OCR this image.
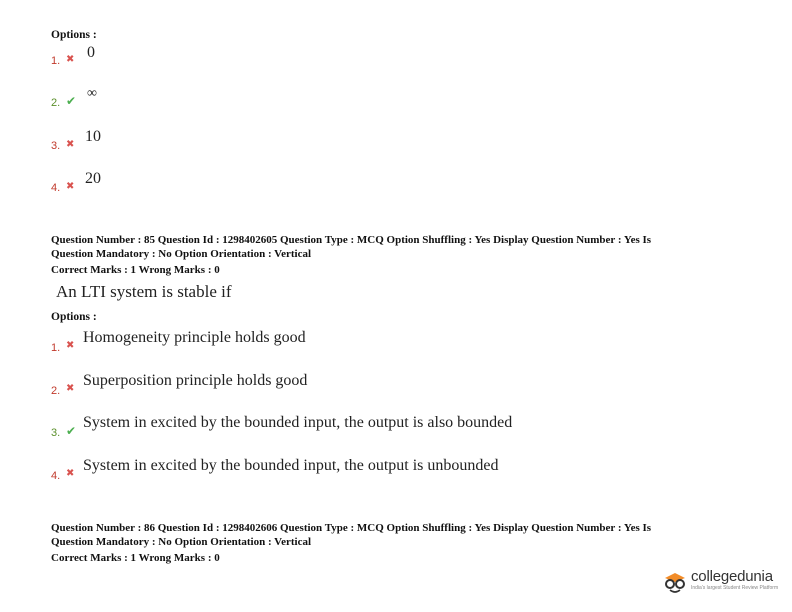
Options :
1. ✖ 0
2. ✔ ∞
3. ✖ 10
4. ✖ 20
Question Number : 85 Question Id : 1298402605 Question Type : MCQ Option Shuffling : Yes Display Question Number : Yes Is
Question Mandatory : No Option Orientation : Vertical
Correct Marks : 1 Wrong Marks : 0
An LTI system is stable if
Options :
1. ✖ Homogeneity principle holds good
2. ✖ Superposition principle holds good
3. ✔ System in excited by the bounded input, the output is also bounded
4. ✖ System in excited by the bounded input, the output is unbounded
Question Number : 86 Question Id : 1298402606 Question Type : MCQ Option Shuffling : Yes Display Question Number : Yes Is
Question Mandatory : No Option Orientation : Vertical
Correct Marks : 1 Wrong Marks : 0
collegedunia
India's largest Student Review Platform
